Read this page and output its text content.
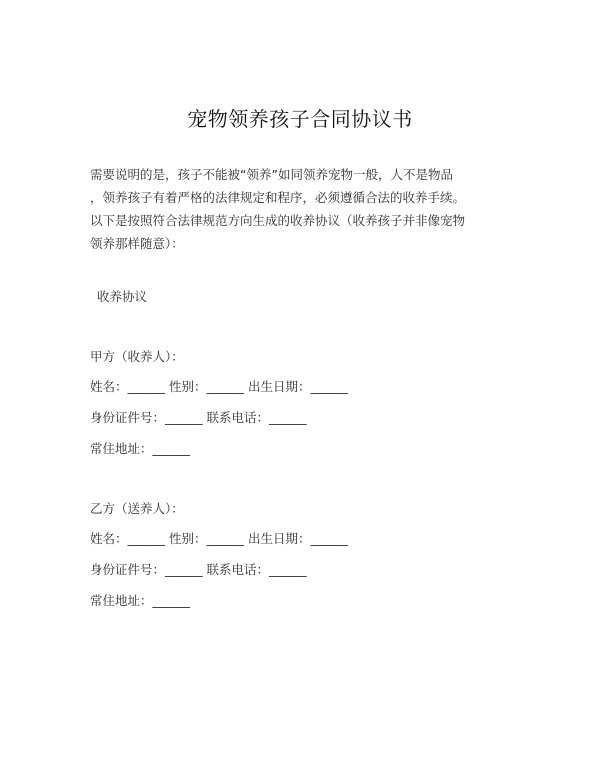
宠物领养孩子合同协议书

需要说明的是，孩子不能被“领养”如同领养宠物一般，人不是物品

，领养孩子有着严格的法律规定和程序，必须遵循合法的收养手续。

以下是按照符合法律规范方向生成的收养协议（收养孩子并非像宠物

领养那样随意）：

收养协议
甲方（收养人）：
姓名：______ 性别：______ 出生日期：______
身份证件号：______ 联系电话：______
常住地址：______
乙方（送养人）：
姓名：______ 性别：______ 出生日期：______
身份证件号：______ 联系电话：______
常住地址：______
